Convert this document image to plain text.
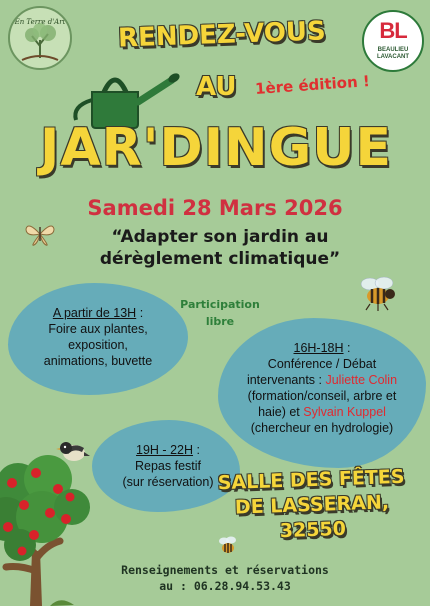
En Terre d'Art	BL
BEAULIEU
LAVACANT
RENDEZ-VOUS
AU 1ère édition !
JAR'DINGUE
Samedi 28 Mars 2026
“Adapter son jardin au
dérèglement climatique”
Participation
libre
A partir de 13H :
Foire aux plantes,
exposition,
animations, buvette
16H-18H :
Conférence / Débat
intervenants : Juliette Colin
(formation/conseil, arbre et
haie) et Sylvain Kuppel
(chercheur en hydrologie)
19H - 22H :
Repas festif
(sur réservation) SALLE DES FÊTES
DE LASSERAN, 32550
Renseignements et réservations
au : 06.28.94.53.43
